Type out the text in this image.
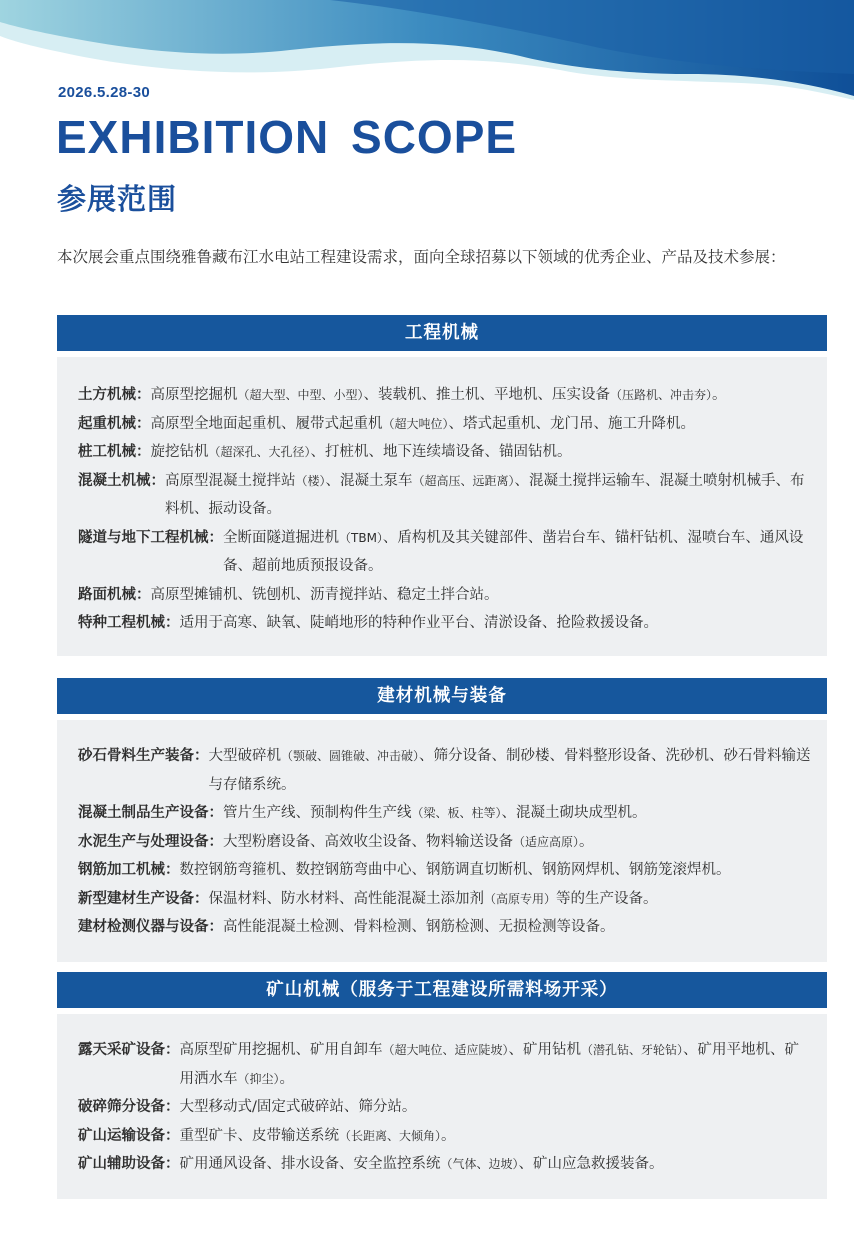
2026.5.28-30
EXHIBITION SCOPE
参展范围
本次展会重点围绕雅鲁藏布江水电站工程建设需求，面向全球招募以下领域的优秀企业、产品及技术参展：
工程机械
土方机械： 高原型挖掘机（超大型、中型、小型）、装载机、推土机、平地机、压实设备（压路机、冲击夯）。
起重机械： 高原型全地面起重机、履带式起重机（超大吨位）、塔式起重机、龙门吊、施工升降机。
桩工机械： 旋挖钻机（超深孔、大孔径）、打桩机、地下连续墙设备、锚固钻机。
混凝土机械： 高原型混凝土搅拌站（楼）、混凝土泵车（超高压、远距离）、混凝土搅拌运输车、混凝土喷射机械手、布料机、振动设备。
隧道与地下工程机械： 全断面隧道掘进机（TBM）、盾构机及其关键部件、凿岩台车、锚杆钻机、湿喷台车、通风设备、超前地质预报设备。
路面机械： 高原型摊铺机、铣刨机、沥青搅拌站、稳定土拌合站。
特种工程机械： 适用于高寒、缺氧、陡峭地形的特种作业平台、清淤设备、抢险救援设备。
建材机械与装备
砂石骨料生产装备： 大型破碎机（颚破、圆锥破、冲击破）、筛分设备、制砂楼、骨料整形设备、洗砂机、砂石骨料输送与存储系统。
混凝土制品生产设备： 管片生产线、预制构件生产线（梁、板、柱等）、混凝土砌块成型机。
水泥生产与处理设备： 大型粉磨设备、高效收尘设备、物料输送设备（适应高原）。
钢筋加工机械： 数控钢筋弯箍机、数控钢筋弯曲中心、钢筋调直切断机、钢筋网焊机、钢筋笼滚焊机。
新型建材生产设备： 保温材料、防水材料、高性能混凝土添加剂（高原专用）等的生产设备。
建材检测仪器与设备： 高性能混凝土检测、骨料检测、钢筋检测、无损检测等设备。
矿山机械（服务于工程建设所需料场开采）
露天采矿设备： 高原型矿用挖掘机、矿用自卸车（超大吨位、适应陡坡）、矿用钻机（潜孔钻、牙轮钻）、矿用平地机、矿用洒水车（抑尘）。
破碎筛分设备： 大型移动式/固定式破碎站、筛分站。
矿山运输设备： 重型矿卡、皮带输送系统（长距离、大倾角）。
矿山辅助设备： 矿用通风设备、排水设备、安全监控系统（气体、边坡）、矿山应急救援装备。
